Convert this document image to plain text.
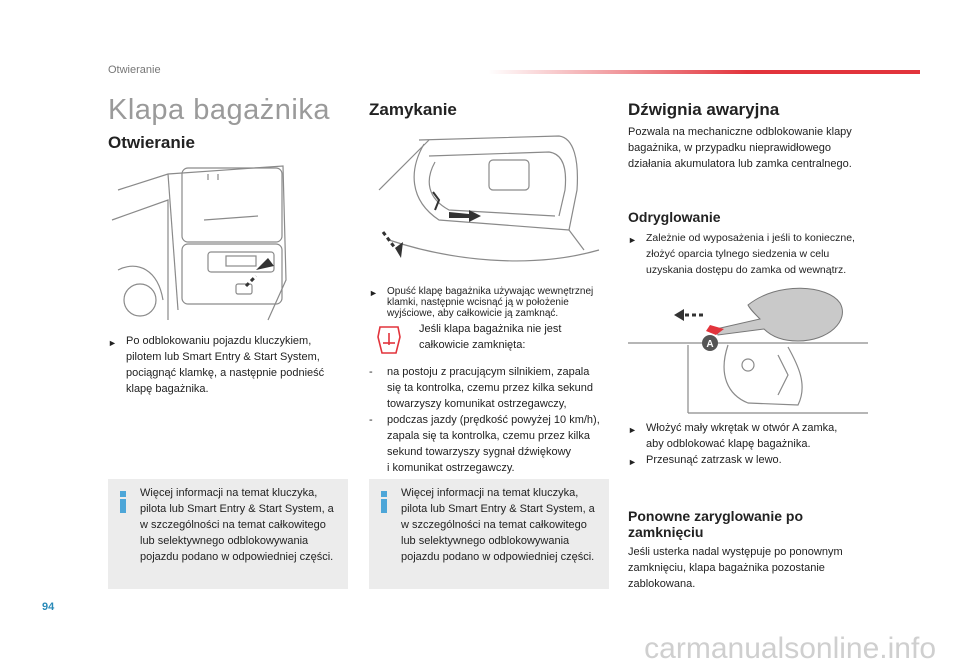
Otwieranie
Klapa bagażnika
Otwieranie
► Po odblokowaniu pojazdu kluczykiem,
pilotem lub Smart Entry & Start System,
pociągnąć klamkę, a następnie podnieść
klapę bagażnika.
Więcej informacji na temat kluczyka,
pilota lub Smart Entry & Start System, a
w szczególności na temat całkowitego
lub selektywnego odblokowywania
pojazdu podano w odpowiedniej części.
Zamykanie
► Opuść klapę bagażnika używając wewnętrznej
klamki, następnie wcisnąć ją w położenie
wyjściowe, aby całkowicie ją zamknąć.
Jeśli klapa bagażnika nie jest
całkowicie zamknięta:
-	na postoju z pracującym silnikiem, zapala
się ta kontrolka, czemu przez kilka sekund
towarzyszy komunikat ostrzegawczy,
-	podczas jazdy (prędkość powyżej 10 km/h),
zapala się ta kontrolka, czemu przez kilka
sekund towarzyszy sygnał dźwiękowy
i komunikat ostrzegawczy.
Więcej informacji na temat kluczyka,
pilota lub Smart Entry & Start System, a
w szczególności na temat całkowitego
lub selektywnego odblokowywania
pojazdu podano w odpowiedniej części.
Dźwignia awaryjna
Pozwala na mechaniczne odblokowanie klapy
bagażnika, w przypadku nieprawidłowego
działania akumulatora lub zamka centralnego.
Odryglowanie
► Zależnie od wyposażenia i jeśli to konieczne,
złożyć oparcia tylnego siedzenia w celu
uzyskania dostępu do zamka od wewnątrz.
A
► Włożyć mały wkrętak w otwór A zamka,
aby odblokować klapę bagażnika.
► Przesunąć zatrzask w lewo.
Ponowne zaryglowanie po
zamknięciu
Jeśli usterka nadal występuje po ponownym
zamknięciu, klapa bagażnika pozostanie
zablokowana.
94
carmanualsonline.info
